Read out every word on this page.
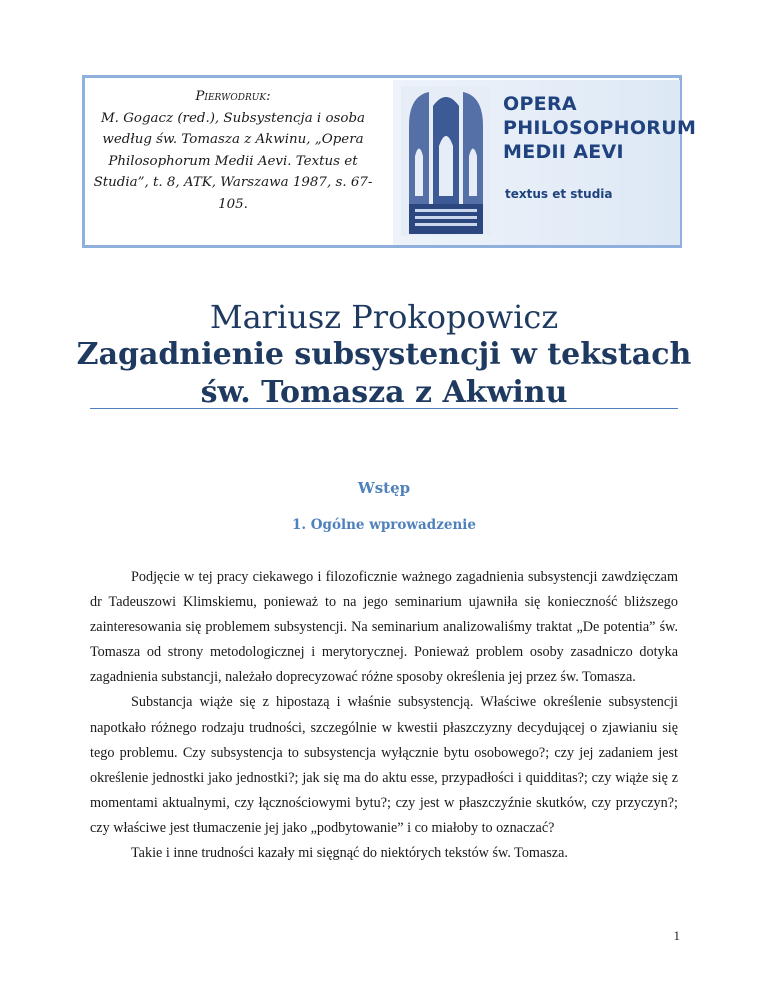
Pierwodruk:
M. Gogacz (red.), Subsystencja i osoba według św. Tomasza z Akwinu, „Opera Philosophorum Medii Aevi. Textus et Studia”, t. 8, ATK, Warszawa 1987, s. 67-105.
OPERA
PHILOSOPHORUM
MEDII AEVI
textus et studia
Mariusz Prokopowicz
Zagadnienie subsystencji w tekstach
św. Tomasza z Akwinu
Wstęp
1. Ogólne wprowadzenie

Podjęcie w tej pracy ciekawego i filozoficznie ważnego zagadnienia subsystencji zawdzięczam dr Tadeuszowi Klimskiemu, ponieważ to na jego seminarium ujawniła się konieczność bliższego zainteresowania się problemem subsystencji. Na seminarium analizowaliśmy traktat „De potentia” św. Tomasza od strony metodologicznej i merytorycznej. Ponieważ problem osoby zasadniczo dotyka zagadnienia substancji, należało doprecyzować różne sposoby określenia jej przez św. Tomasza.

Substancja wiąże się z hipostazą i właśnie subsystencją. Właściwe określenie subsystencji napotkało różnego rodzaju trudności, szczególnie w kwestii płaszczyzny decydującej o zjawianiu się tego problemu. Czy subsystencja to subsystencja wyłącznie bytu osobowego?; czy jej zadaniem jest określenie jednostki jako jednostki?; jak się ma do aktu esse, przypadłości i quidditas?; czy wiąże się z momentami aktualnymi, czy łącznościowymi bytu?; czy jest w płaszczyźnie skutków, czy przyczyn?; czy właściwe jest tłumaczenie jej jako „podbytowanie” i co miałoby to oznaczać?

Takie i inne trudności kazały mi sięgnąć do niektórych tekstów św. Tomasza.

1
